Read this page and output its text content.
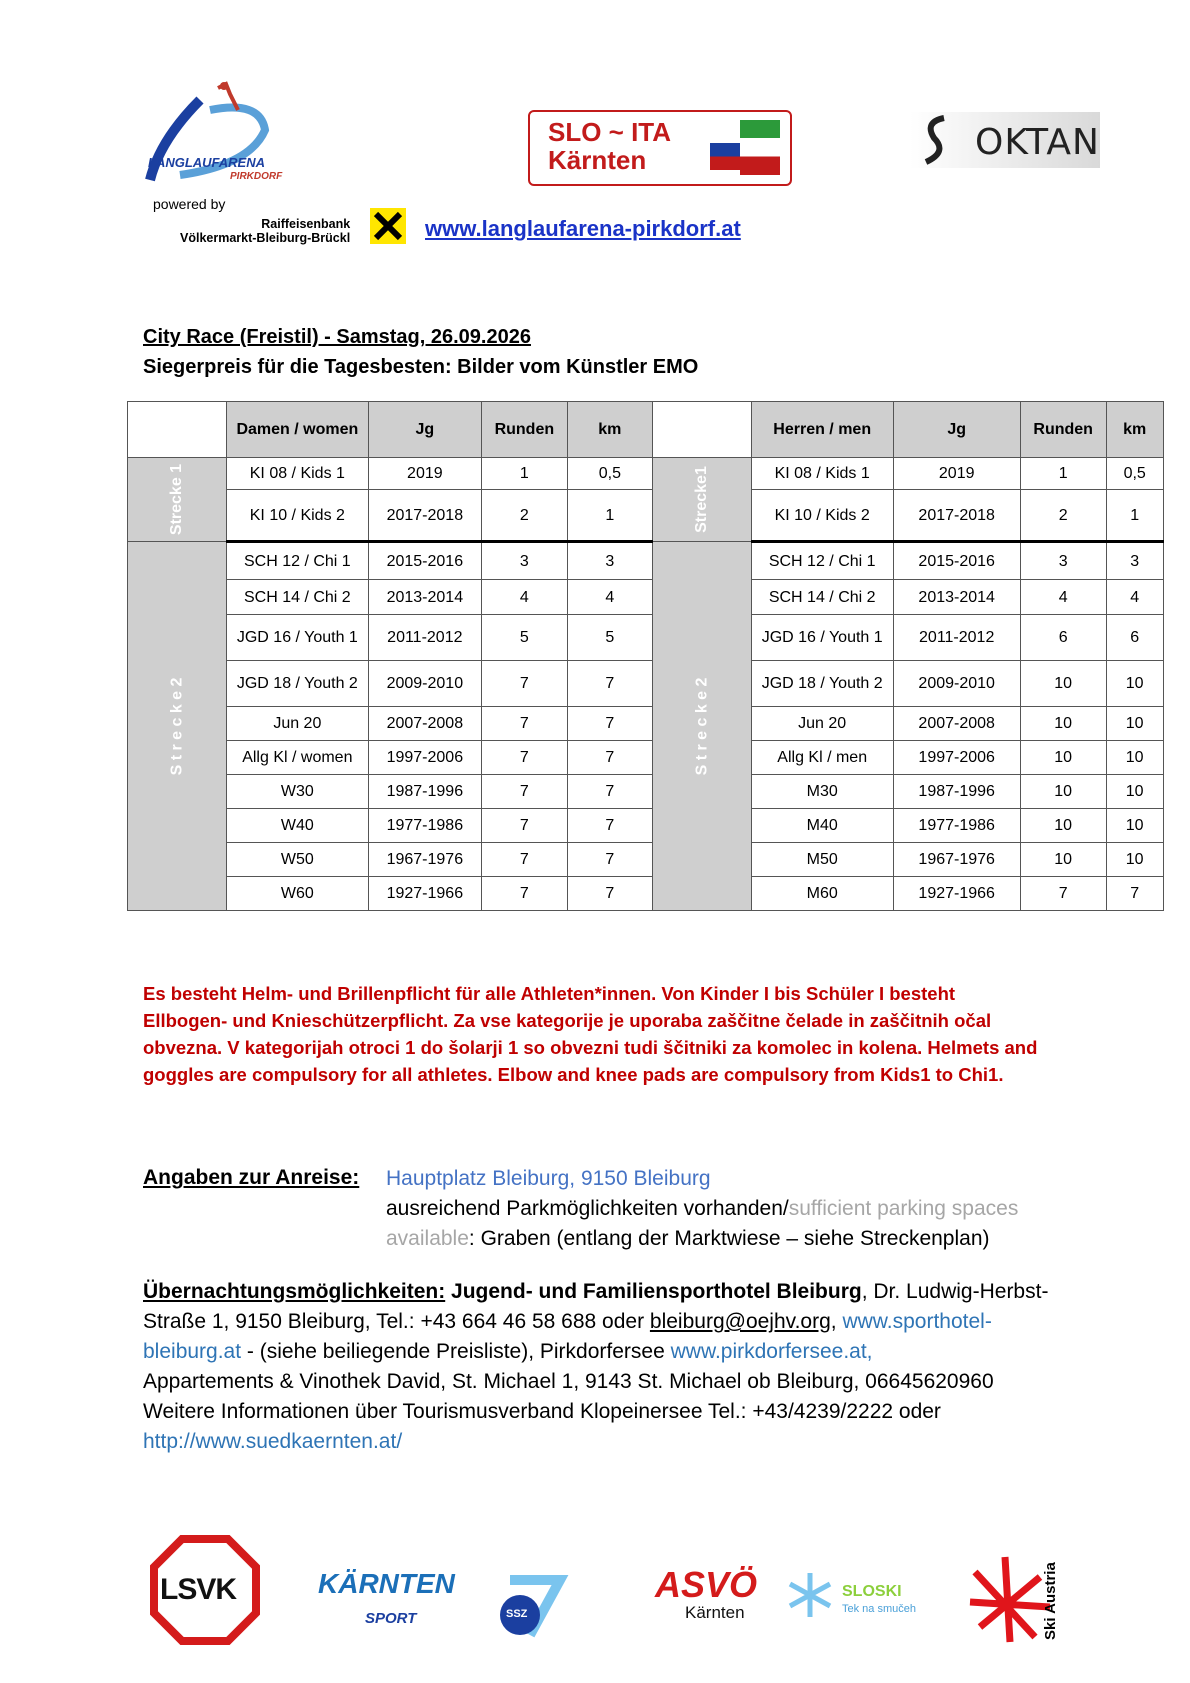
LANGLAUFARENA
PIRKDORF
powered by
Raiffeisenbank
Völkermarkt-Bleiburg-Brückl	www.langlaufarena-pirkdorf.at
SLO ~ ITA
Kärnten	OKTAN
City Race (Freistil) - Samstag, 26.09.2026
Siegerpreis für die Tagesbesten: Bilder vom Künstler EMO
	Damen / women	Jg	Runden	km		Herren / men	Jg	Runden	km
Strecke 1	KI 08 / Kids 1	2019	1	0,5	Strecke1	KI 08 / Kids 1	2019	1	0,5
	KI 10 / Kids 2	2017-2018	2	1		KI 10 / Kids 2	2017-2018	2	1
S t r e c k e 2	SCH 12 / Chi 1	2015-2016	3	3	S t r e c k e 2	SCH 12 / Chi 1	2015-2016	3	3
	SCH 14 / Chi 2	2013-2014	4	4		SCH 14 / Chi 2	2013-2014	4	4
	JGD 16 / Youth 1	2011-2012	5	5		JGD 16 / Youth 1	2011-2012	6	6
	JGD 18 / Youth 2	2009-2010	7	7		JGD 18 / Youth 2	2009-2010	10	10
	Jun 20	2007-2008	7	7		Jun 20	2007-2008	10	10
	Allg Kl / women	1997-2006	7	7		Allg Kl / men	1997-2006	10	10
	W30	1987-1996	7	7		M30	1987-1996	10	10
	W40	1977-1986	7	7		M40	1977-1986	10	10
	W50	1967-1976	7	7		M50	1967-1976	10	10
	W60	1927-1966	7	7		M60	1927-1966	7	7
Es besteht Helm- und Brillenpflicht für alle Athleten*innen. Von Kinder I bis Schüler I besteht Ellbogen- und Knieschützerpflicht. Za vse kategorije je uporaba zaščitne čelade in zaščitnih očal obvezna. V kategorijah otroci 1 do šolarji 1 so obvezni tudi ščitniki za komolec in kolena. Helmets and goggles are compulsory for all athletes. Elbow and knee pads are compulsory from Kids1 to Chi1.
Angaben zur Anreise: Hauptplatz Bleiburg, 9150 Bleiburg
ausreichend Parkmöglichkeiten vorhanden/sufficient parking spaces available: Graben (entlang der Marktwiese – siehe Streckenplan)
Übernachtungsmöglichkeiten: Jugend- und Familiensporthotel Bleiburg, Dr. Ludwig-Herbst-Straße 1, 9150 Bleiburg, Tel.: +43 664 46 58 688 oder bleiburg@oejhv.org, www.sporthotel-bleiburg.at - (siehe beiliegende Preisliste), Pirkdorfersee www.pirkdorfersee.at,
Appartements & Vinothek David, St. Michael 1, 9143 St. Michael ob Bleiburg, 06645620960
Weitere Informationen über Tourismusverband Klopeinersee Tel.: +43/4239/2222 oder
http://www.suedkaernten.at/
LSVK	KÄRNTEN
SPORT	SSZ
ASVÖ
Kärnten
SLOSKI
Tek na smučeh	Ski Austria
